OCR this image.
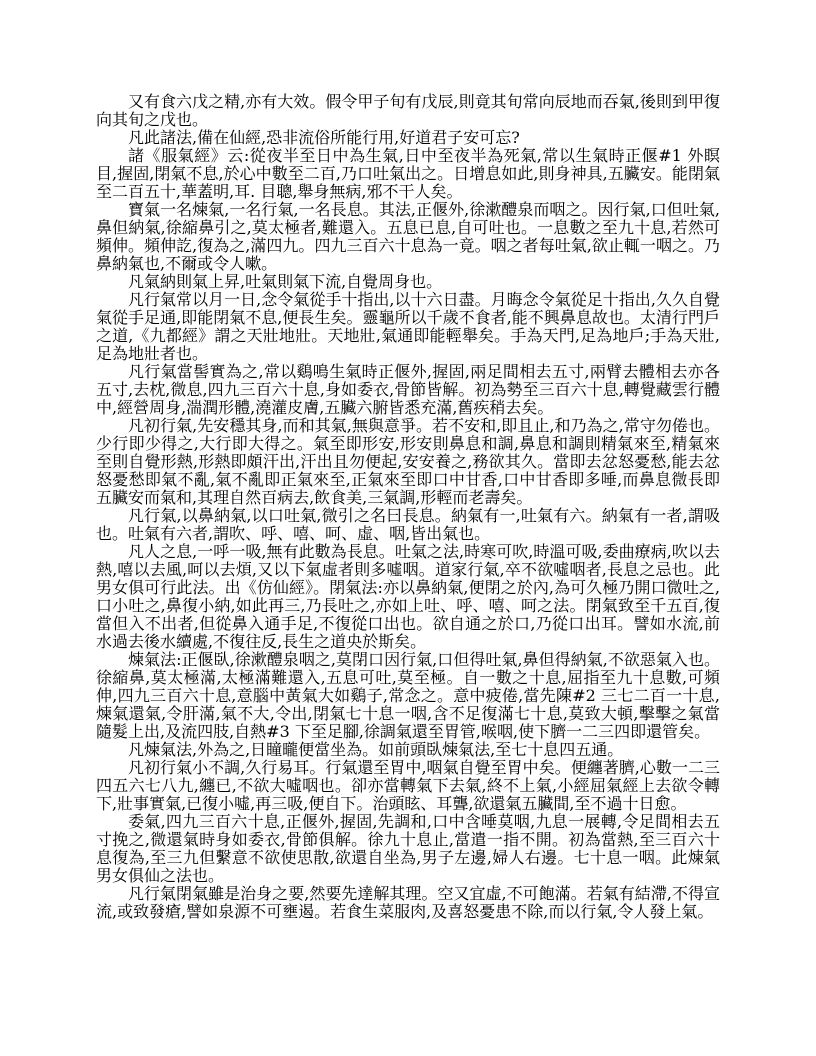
又有食六戊之精,亦有大效。假令甲子旬有戊辰,則竟其旬常向辰地而吞氣,後則到甲復向其旬之戊也。

凡此諸法,備在仙經,恐非流俗所能行用,好道君子安可忘?

諸《服氣經》云:從夜半至日中為生氣,日中至夜半為死氣,常以生氣時正偃#1 外瞑目,握固,閉氣不息,於心中數至二百,乃口吐氣出之。日增息如此,則身神具,五臟安。能閉氣至二百五十,華蓋明,耳. 目聰,舉身無病,邪不干人矣。

寶氣一名煉氣,一名行氣,一名長息。其法,正偃外,徐漱醴泉而咽之。因行氣,口但吐氣,鼻但納氣,徐縮鼻引之,莫太極者,難還入。五息已息,自可吐也。一息數之至九十息,若然可頻伸。頻伸訖,復為之,滿四九。四九三百六十息為一竟。咽之者每吐氣,欲止輒一咽之。乃鼻納氣也,不爾或令人嗽。

凡氣納則氣上昇,吐氣則氣下流,自覺周身也。

凡行氣常以月一日,念令氣從手十指出,以十六日盡。月晦念令氣從足十指出,久久自覺氣從手足通,即能閉氣不息,便長生矣。靈龜所以千歲不食者,能不興鼻息故也。太清行門戶之道,《九都經》謂之天壯地壯。天地壯,氣通即能輕舉矣。手為天門,足為地戶;手為天壯,足為地壯者也。

凡行氣當髻實為之,常以鷄鳴生氣時正偃外,握固,兩足間相去五寸,兩臂去體相去亦各五寸,去枕,微息,四九三百六十息,身如委衣,骨節皆解。初為勢至三百六十息,轉覺藏雲行體中,經營周身,湍潤形體,澆灌皮膚,五臟六腑皆悉充滿,舊疾稍去矣。

凡初行氣,先安穩其身,而和其氣,無與意爭。若不安和,即且止,和乃為之,常守勿倦也。少行即少得之,大行即大得之。氣至即形安,形安則鼻息和調,鼻息和調則精氣來至,精氣來至則自覺形熱,形熱即頗汗出,汗出且勿便起,安安養之,務欲其久。當即去忿怒憂愁,能去忿怒憂愁即氣不亂,氣不亂即正氣來至,正氣來至即口中甘香,口中甘香即多唾,而鼻息微長即五臟安而氣和,其理自然百病去,飲食美,三氣調,形輕而老壽矣。

凡行氣,以鼻納氣,以口吐氣,微引之名曰長息。納氣有一,吐氣有六。納氣有一者,謂吸也。吐氣有六者,謂吹、呼、嘻、呵、虛、咽,皆出氣也。

凡人之息,一呼一吸,無有此數為長息。吐氣之法,時寒可吹,時溫可吸,委曲療病,吹以去熱,嘻以去風,呵以去煩,又以下氣虛者則多噓咽。道家行氣,卒不欲噓咽者,長息之忌也。此男女俱可行此法。出《仿仙經》。閉氣法:亦以鼻納氣,便閉之於內,為可久極乃開口微吐之,口小吐之,鼻復小納,如此再三,乃長吐之,亦如上吐、呼、嘻、呵之法。閉氣致至千五百,復當但入不出者,但從鼻入通手足,不復從口出也。欲自通之於口,乃從口出耳。譬如水流,前水過去後水續處,不復往反,長生之道央於斯矣。

煉氣法:正偃臥,徐漱醴泉咽之,莫閉口因行氣,口但得吐氣,鼻但得納氣,不欲惡氣入也。徐縮鼻,莫太極滿,太極滿難還入,五息可吐,莫至極。自一數之十息,屈指至九十息數,可頻伸,四九三百六十息,意腦中黃氣大如鷄子,常念之。意中疲倦,當先陳#2 三七二百一十息,煉氣還氣,令肝滿,氣不大,令出,閉氣七十息一咽,含不足復滿七十息,莫致大頓,擊擊之氣當隨髮上出,及流四肢,自熱#3 下至足腳,徐調氣還至胃管,喉咽,使下臍一二三四即還管矣。

凡煉氣法,外為之,日瞳曨便當坐為。如前頭臥煉氣法,至七十息四五通。

凡初行氣小不調,久行易耳。行氣還至胃中,咽氣自覺至胃中矣。便纏著臍,心數一二三四五六七八九,纏已,不欲大噓咽也。卻亦當轉氣下去氣,終不上氣,小經屈氣經上去欲令轉下,壯事實氣,已復小噓,再三吸,便自下。治頭眩、耳聾,欲還氣五臟間,至不過十日愈。

委氣,四九三百六十息,正偃外,握固,先調和,口中含唾莫咽,九息一展轉,令足間相去五寸挽之,微還氣時身如委衣,骨節俱解。徐九十息止,當遣一指不開。初為當熱,至三百六十息復為,至三九但繫意不欲使思散,欲還自坐為,男子左邊,婦人右邊。七十息一咽。此煉氣男女俱仙之法也。

凡行氣閉氣雖是治身之要,然要先達解其理。空又宜虛,不可飽滿。若氣有結滯,不得宣流,或致發瘡,譬如泉源不可壅遏。若食生菜服肉,及喜怒憂患不除,而以行氣,令人發上氣。
